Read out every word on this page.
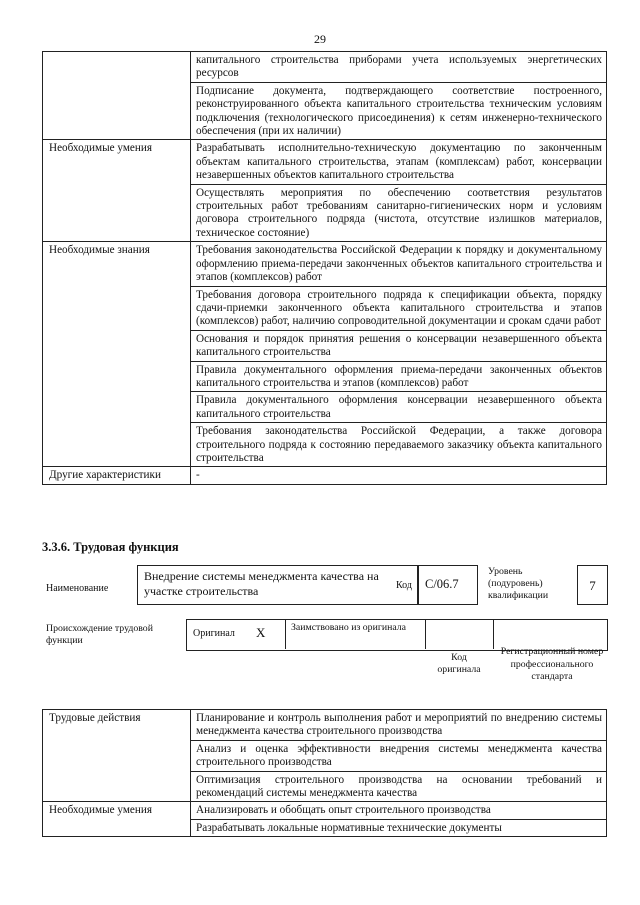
29
	капитального строительства приборами учета используемых энергетических ресурсов
	Подписание документа, подтверждающего соответствие построенного, реконструированного объекта капитального строительства техническим условиям подключения (технологического присоединения) к сетям инженерно-технического обеспечения (при их наличии)
Необходимые умения	Разрабатывать исполнительно-техническую документацию по законченным объектам капитального строительства, этапам (комплексам) работ, консервации незавершенных объектов капитального строительства
	Осуществлять мероприятия по обеспечению соответствия результатов строительных работ требованиям санитарно-гигиенических норм и условиям договора строительного подряда (чистота, отсутствие излишков материалов, техническое состояние)
Необходимые знания	Требования законодательства Российской Федерации к порядку и документальному оформлению приема-передачи законченных объектов капитального строительства и этапов (комплексов) работ
	Требования договора строительного подряда к спецификации объекта, порядку сдачи-приемки законченного объекта капитального строительства и этапов (комплексов) работ, наличию сопроводительной документации и срокам сдачи работ
	Основания и порядок принятия решения о консервации незавершенного объекта капитального строительства
	Правила документального оформления приема-передачи законченных объектов капитального строительства и этапов (комплексов) работ
	Правила документального оформления консервации незавершенного объекта капитального строительства
	Требования законодательства Российской Федерации, а также договора строительного подряда к состоянию передаваемого заказчику объекта капитального строительства
Другие характеристики	-
3.3.6. Трудовая функция
Наименование
Внедрение системы менеджмента качества на участке строительства	Код	C/06.7
Уровень (подуровень) квалификации
7
Происхождение трудовой функции
Оригинал X	Заимствовано из оригинала
Код оригинала
Регистрационный номер профессионального стандарта
Трудовые действия	Планирование и контроль выполнения работ и мероприятий по внедрению системы менеджмента качества строительного производства
	Анализ и оценка эффективности внедрения системы менеджмента качества строительного производства
	Оптимизация строительного производства на основании требований и рекомендаций системы менеджмента качества
Необходимые умения	Анализировать и обобщать опыт строительного производства
	Разрабатывать локальные нормативные технические документы
